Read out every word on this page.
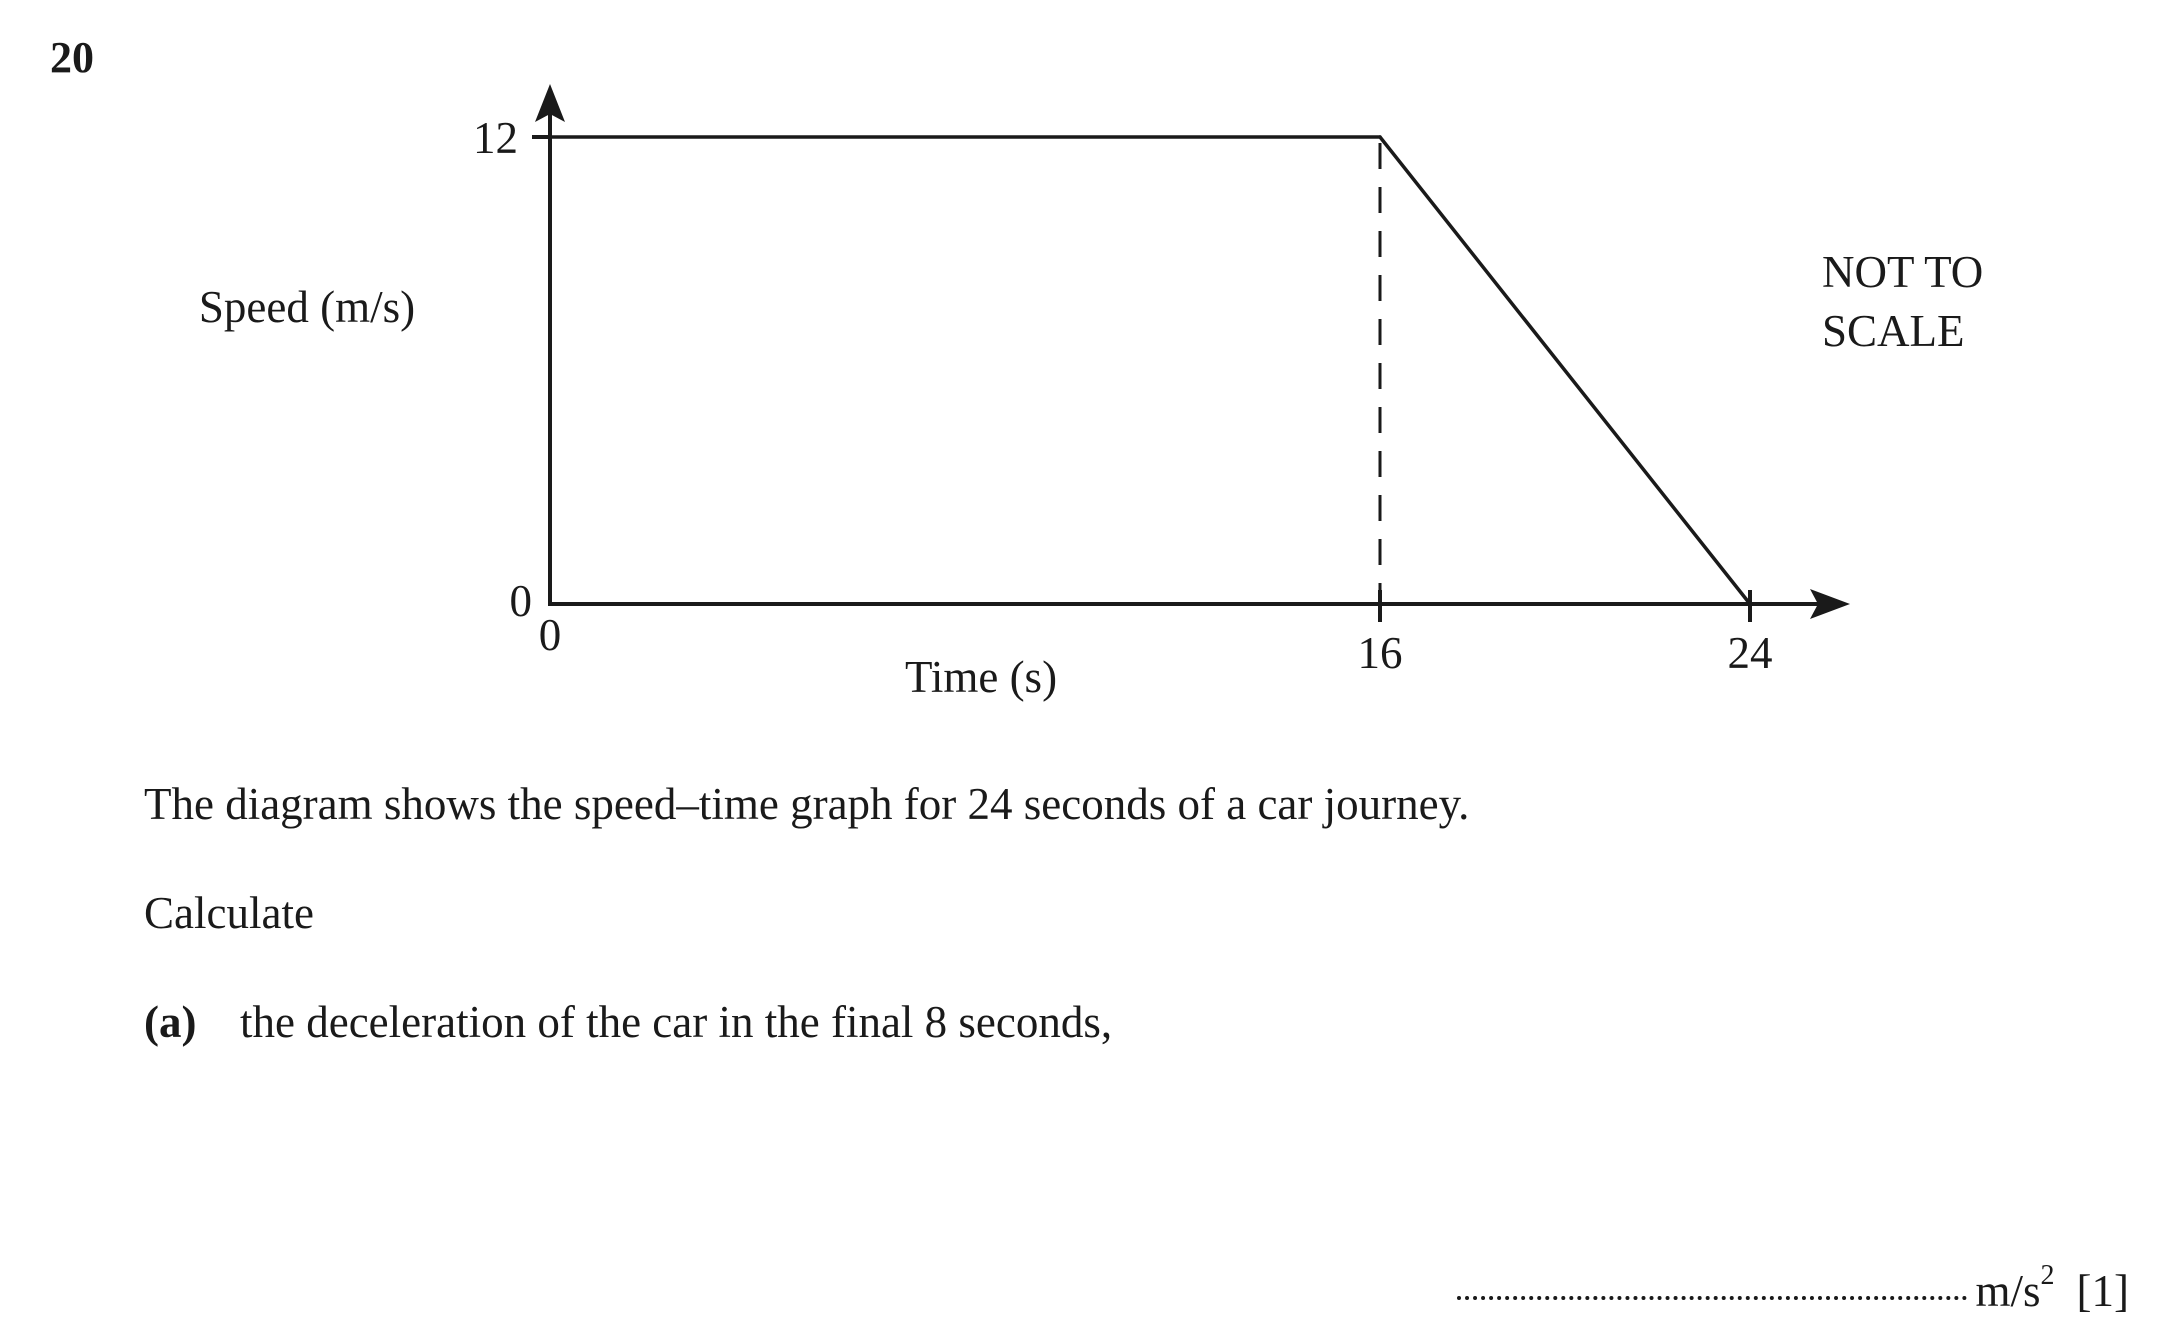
20
0	16	24
0
12
Speed (m/s)
Time (s)
NOT TO
SCALE
The diagram shows the speed–time graph for 24 seconds of a car journey.
Calculate
(a) the deceleration of the car in the final 8 seconds,
$m/s^2$ [1]
